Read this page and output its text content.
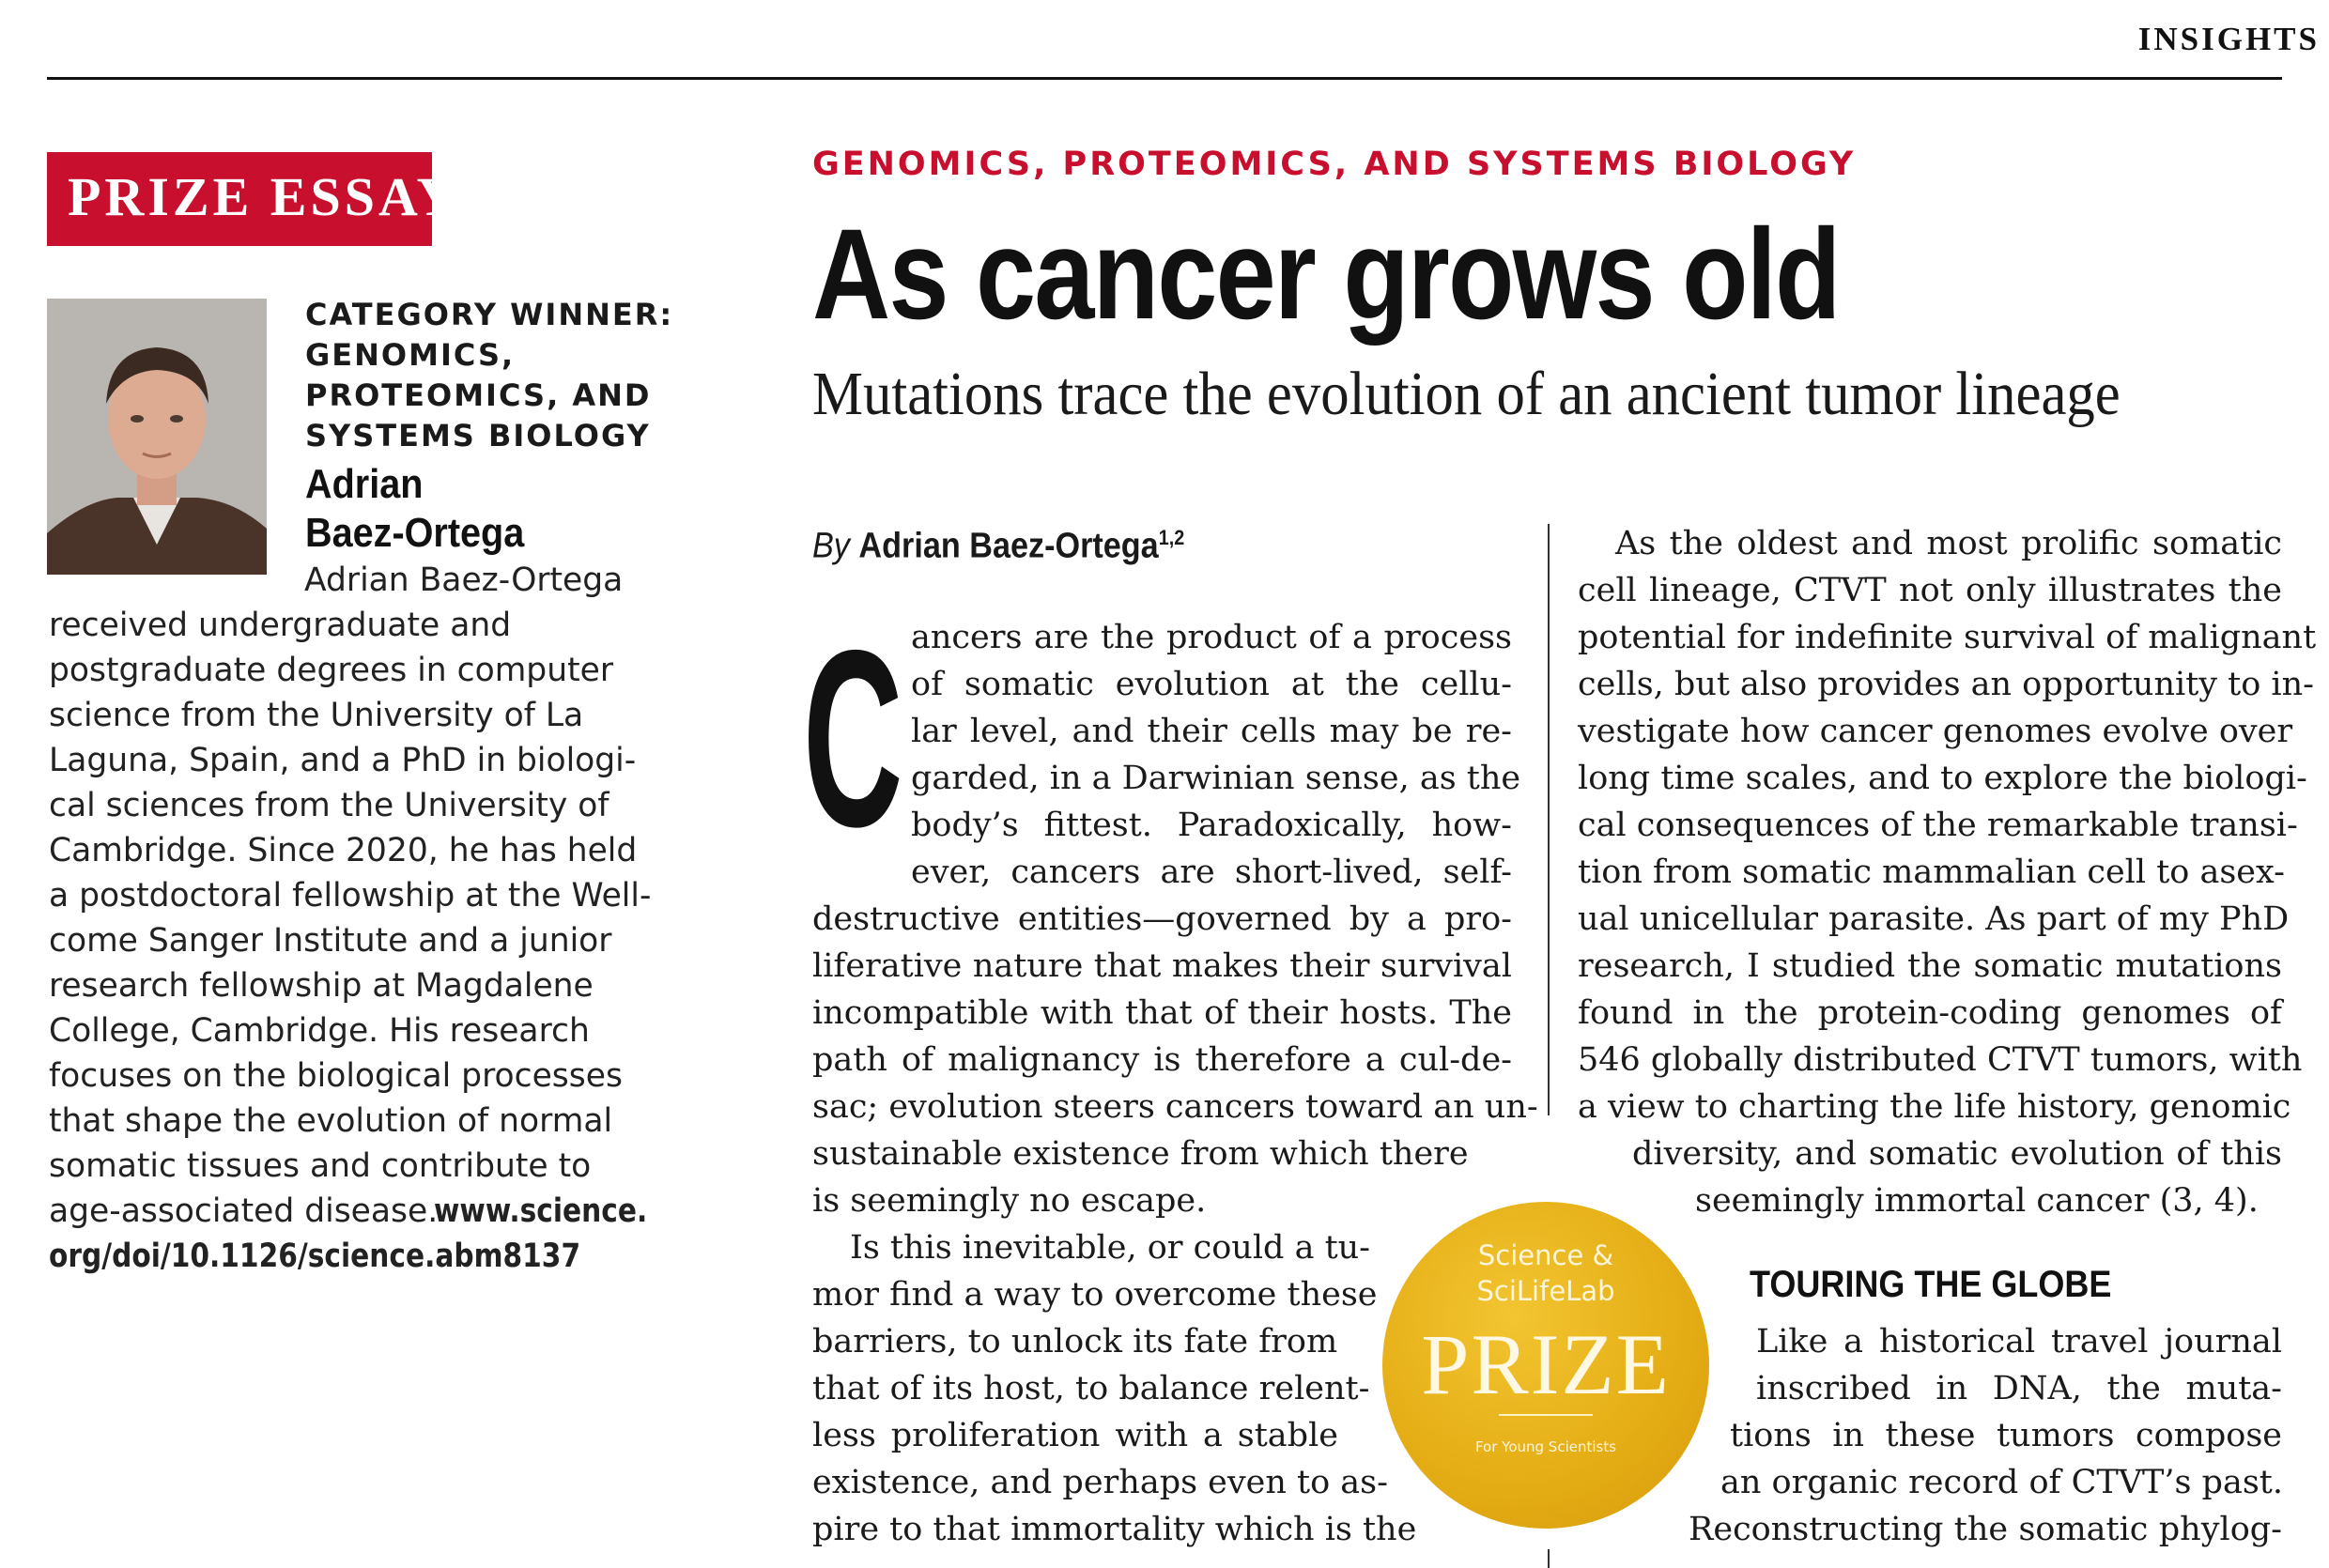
INSIGHTS
PRIZE ESSAY
CATEGORY WINNER:
GENOMICS,
PROTEOMICS, AND
SYSTEMS BIOLOGY
Adrian
Baez-Ortega
Adrian Baez-Ortega
received undergraduate and
postgraduate degrees in computer
science from the University of La
Laguna, Spain, and a PhD in biologi-
cal sciences from the University of
Cambridge. Since 2020, he has held
a postdoctoral fellowship at the Well-
come Sanger Institute and a junior
research fellowship at Magdalene
College, Cambridge. His research
focuses on the biological processes
that shape the evolution of normal
somatic tissues and contribute to
age-associated disease.
www.science.
org/doi/10.1126/science.abm8137
GENOMICS, PROTEOMICS, AND SYSTEMS BIOLOGY
As cancer grows old
Mutations trace the evolution of an ancient tumor lineage
By Adrian Baez-Ortega$^{1,2}$
C ancers are the product of a process
of somatic evolution at the cellu-
lar level, and their cells may be re-
garded, in a Darwinian sense, as the
body’s fittest. Paradoxically, how-
ever, cancers are short-lived, self-
destructive entities—governed by a pro-
liferative nature that makes their survival
incompatible with that of their hosts. The
path of malignancy is therefore a cul-de-
sac; evolution steers cancers toward an un-
sustainable existence from which there
is seemingly no escape.
Is this inevitable, or could a tu-
mor find a way to overcome these
barriers, to unlock its fate from
that of its host, to balance relent-
less proliferation with a stable
existence, and perhaps even to as-
pire to that immortality which is the
As the oldest and most prolific somatic
cell lineage, CTVT not only illustrates the
potential for indefinite survival of malignant
cells, but also provides an opportunity to in-
vestigate how cancer genomes evolve over
long time scales, and to explore the biologi-
cal consequences of the remarkable transi-
tion from somatic mammalian cell to asex-
ual unicellular parasite. As part of my PhD
research, I studied the somatic mutations
found in the protein-coding genomes of
546 globally distributed CTVT tumors, with
a view to charting the life history, genomic
diversity, and somatic evolution of this
seemingly immortal cancer (3, 4).
TOURING THE GLOBE
Like a historical travel journal
inscribed in DNA, the muta-
tions in these tumors compose
an organic record of CTVT’s past.
Reconstructing the somatic phylog-
Science &
SciLifeLab
PRIZE
For Young Scientists
